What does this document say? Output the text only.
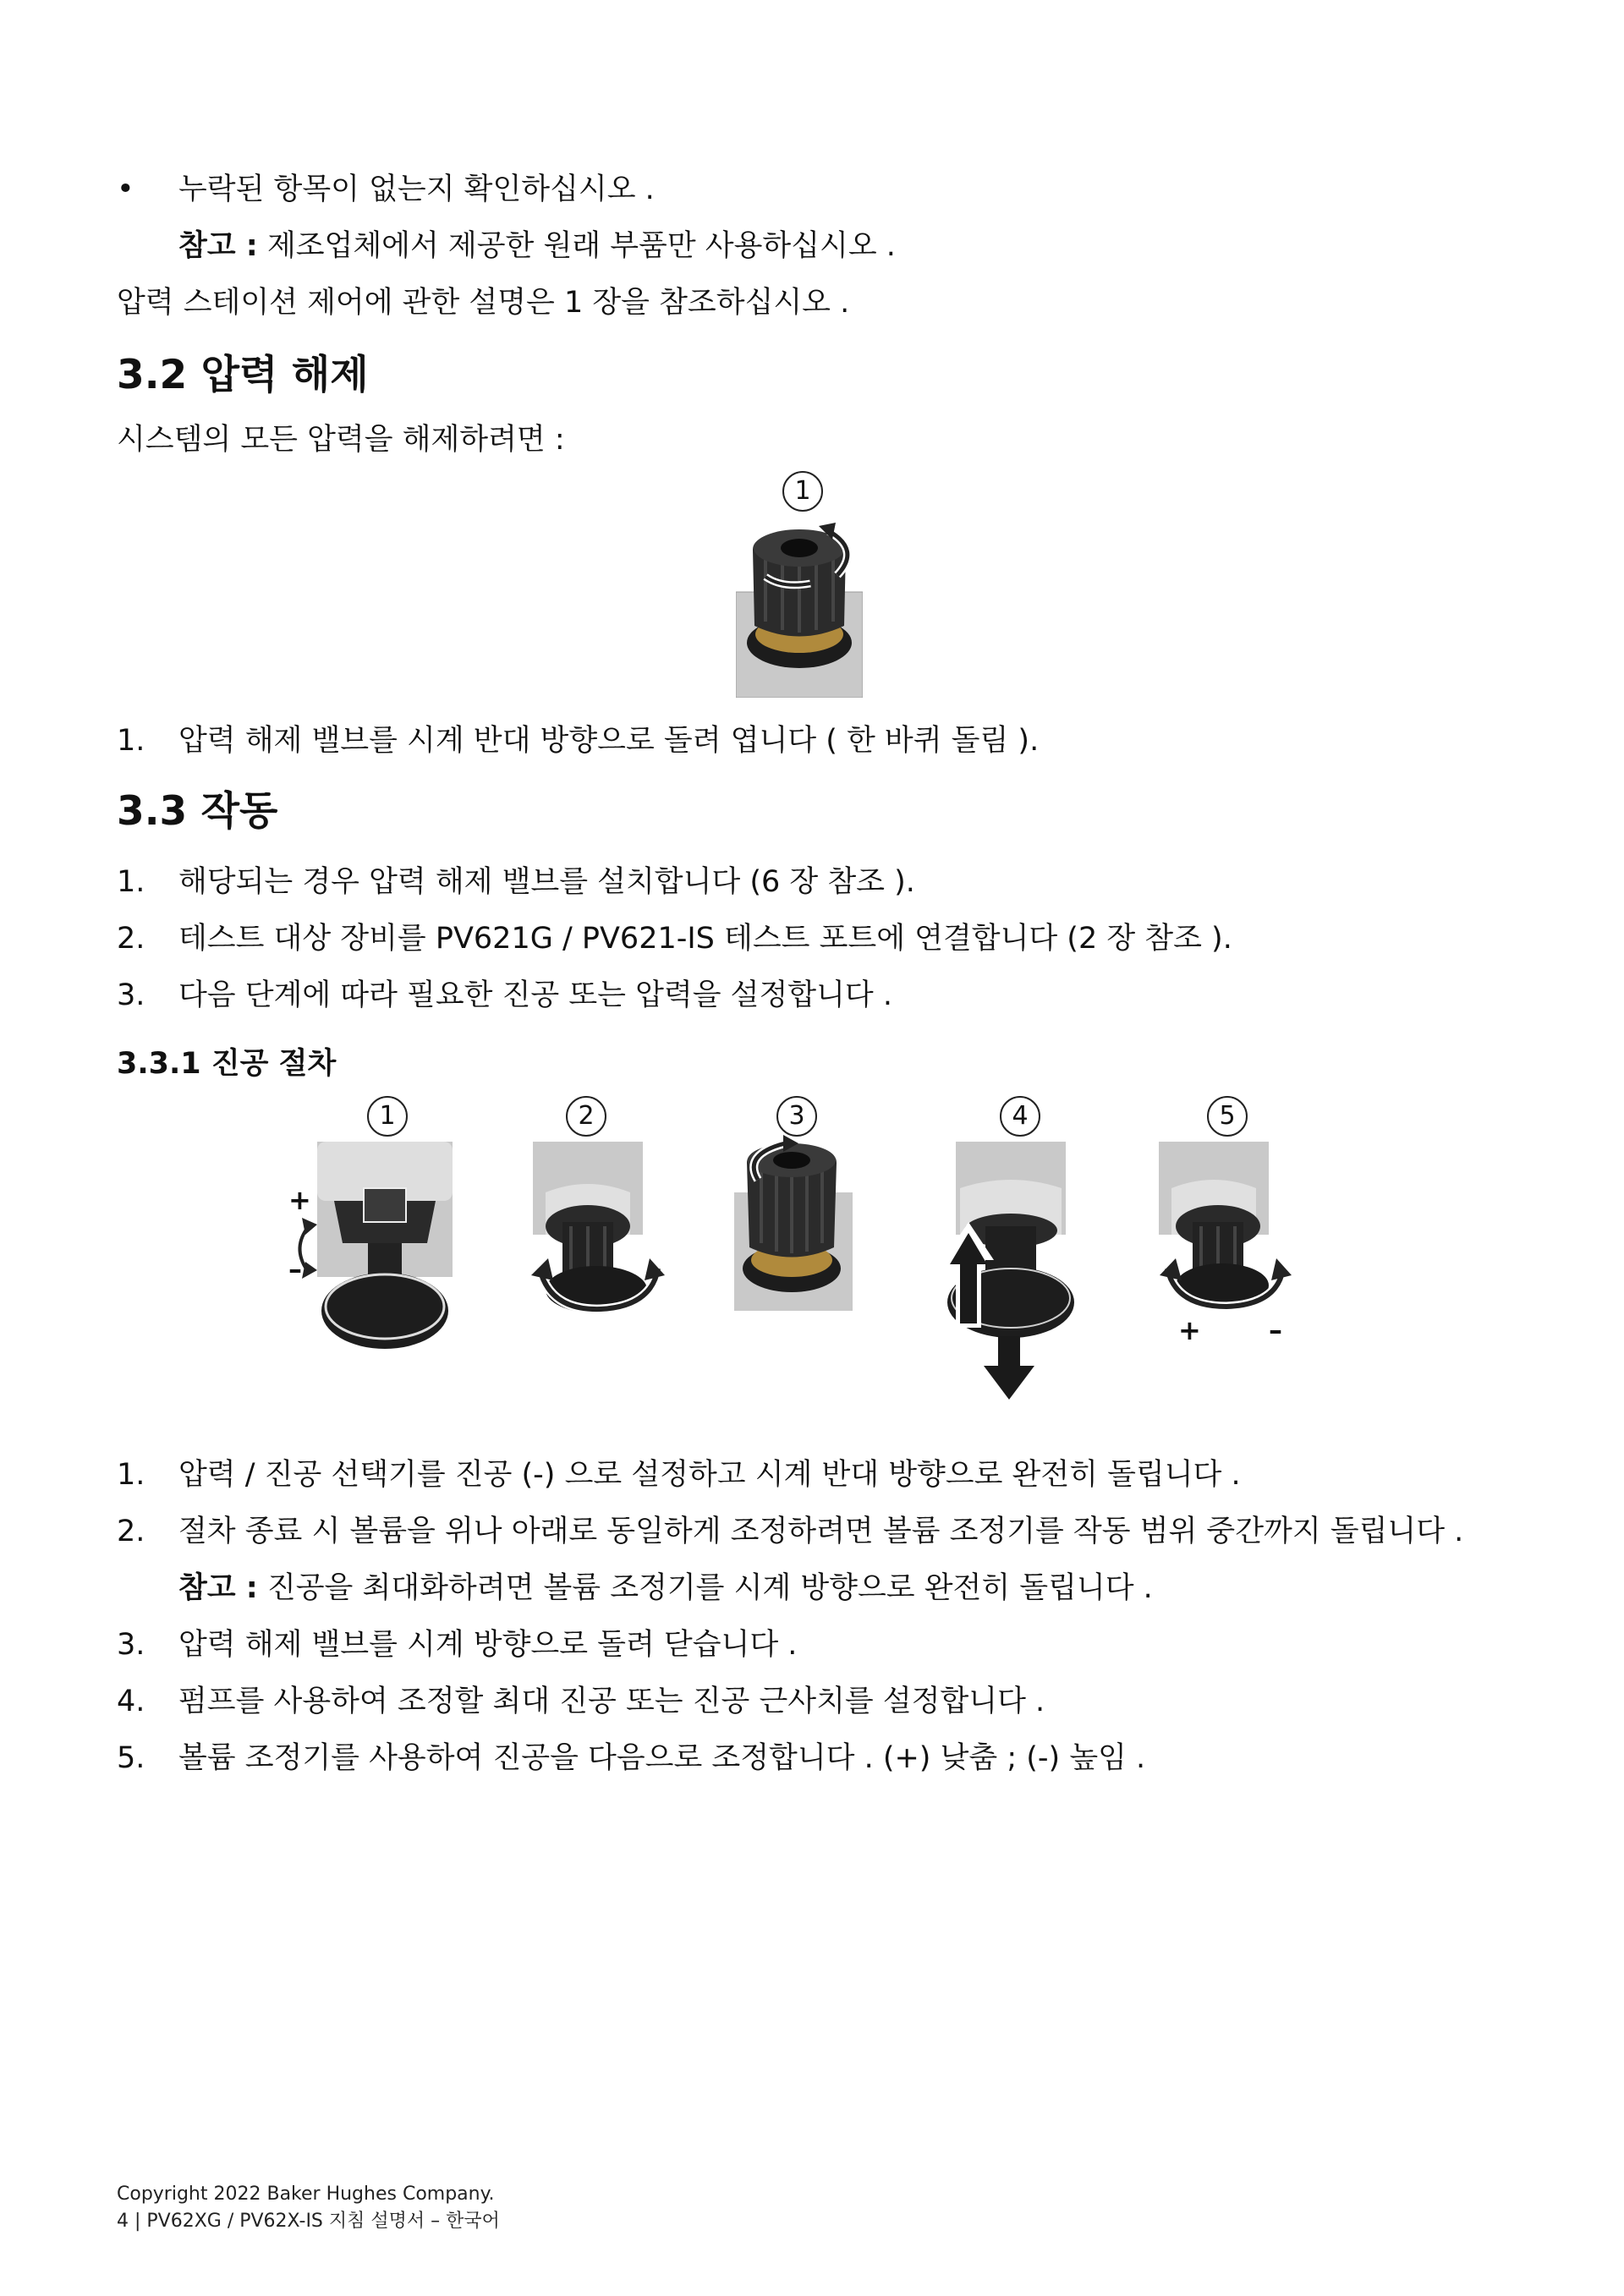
• 누락된 항목이 없는지 확인하십시오 .
참고 : 제조업체에서 제공한 원래 부품만 사용하십시오 .
압력 스테이션 제어에 관한 설명은 1 장을 참조하십시오 .
3.2 압력 해제
시스템의 모든 압력을 해제하려면 :
1
1. 압력 해제 밸브를 시계 반대 방향으로 돌려 엽니다 ( 한 바퀴 돌림 ).
3.3 작동
1. 해당되는 경우 압력 해제 밸브를 설치합니다 (6 장 참조 ).
2. 테스트 대상 장비를 PV621G / PV621-IS 테스트 포트에 연결합니다 (2 장 참조 ).
3. 다음 단계에 따라 필요한 진공 또는 압력을 설정합니다 .
3.3.1 진공 절차
1	2	3	4	5
+
–
+	–
1. 압력 / 진공 선택기를 진공 (-) 으로 설정하고 시계 반대 방향으로 완전히 돌립니다 .
2. 절차 종료 시 볼륨을 위나 아래로 동일하게 조정하려면 볼륨 조정기를 작동 범위 중간까지 돌립니다 .
참고 : 진공을 최대화하려면 볼륨 조정기를 시계 방향으로 완전히 돌립니다 .
3. 압력 해제 밸브를 시계 방향으로 돌려 닫습니다 .
4. 펌프를 사용하여 조정할 최대 진공 또는 진공 근사치를 설정합니다 .
5. 볼륨 조정기를 사용하여 진공을 다음으로 조정합니다 . (+) 낮춤 ; (-) 높임 .
Copyright 2022 Baker Hughes Company.
4 | PV62XG / PV62X-IS 지침 설명서 – 한국어
